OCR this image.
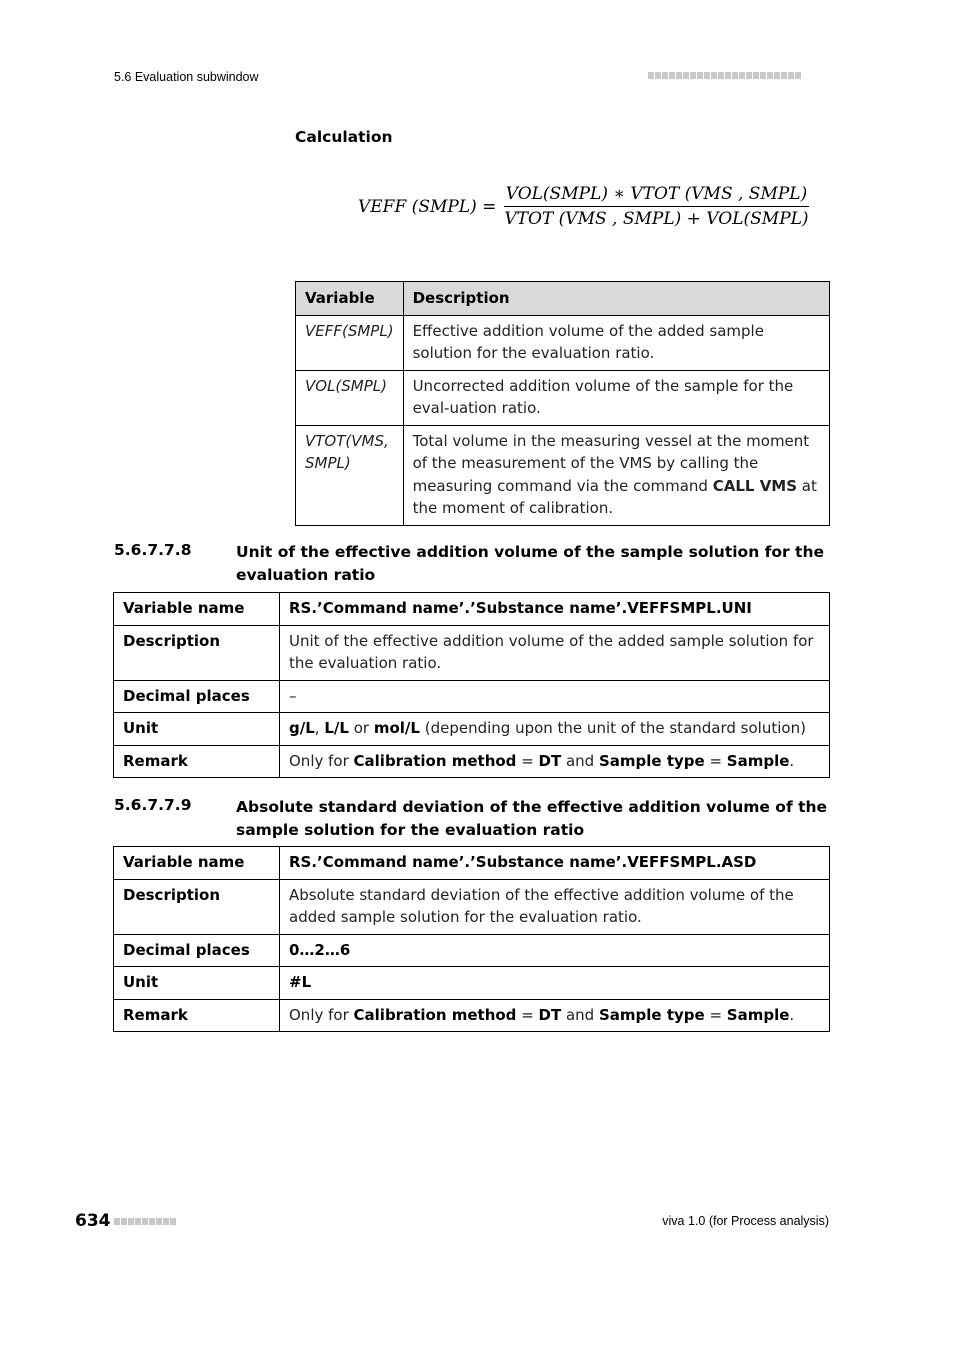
5.6 Evaluation subwindow
Calculation
VEFF (SMPL) = $\frac{\text{VOL(SMPL) ∗ VTOT (VMS , SMPL)}}{\text{VTOT (VMS , SMPL) + VOL(SMPL)}}$
Variable	Description
VEFF(SMPL)	Effective addition volume of the added sample solution for the evaluation ratio.
VOL(SMPL)	Uncorrected addition volume of the sample for the eval-uation ratio.
VTOT(VMS,SMPL)	Total volume in the measuring vessel at the moment of the measurement of the VMS by calling the measuring command via the command CALL VMS at the moment of calibration.
5.6.7.7.8	Unit of the effective addition volume of the sample solution for the evaluation ratio
Variable name	RS.’Command name’.’Substance name’.VEFFSMPL.UNI
Description	Unit of the effective addition volume of the added sample solution for the evaluation ratio.
Decimal places	–
Unit	g/L, L/L or mol/L (depending upon the unit of the standard solution)
Remark	Only for Calibration method = DT and Sample type = Sample.
5.6.7.7.9	Absolute standard deviation of the effective addition volume of the sample solution for the evaluation ratio
Variable name	RS.’Command name’.’Substance name’.VEFFSMPL.ASD
Description	Absolute standard deviation of the effective addition volume of the added sample solution for the evaluation ratio.
Decimal places	0…2…6
Unit	#L
Remark	Only for Calibration method = DT and Sample type = Sample.
634	viva 1.0 (for Process analysis)
